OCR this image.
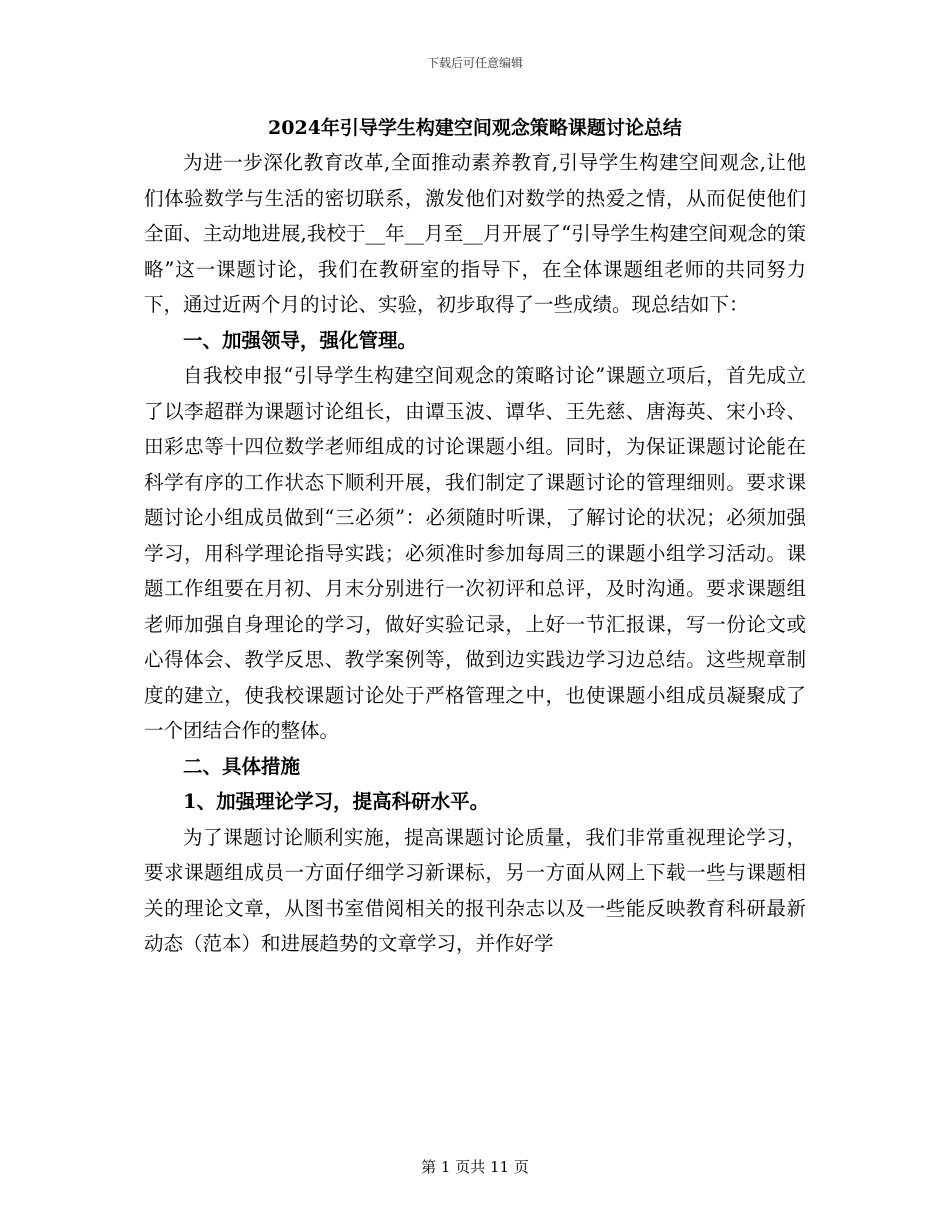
下载后可任意编辑
2024年引导学生构建空间观念策略课题讨论总结

为进一步深化教育改革,全面推动素养教育,引导学生构建空间观念,让他们体验数学与生活的密切联系，激发他们对数学的热爱之情，从而促使他们全面、主动地进展,我校于__年__月至__月开展了“引导学生构建空间观念的策略”这一课题讨论，我们在教研室的指导下，在全体课题组老师的共同努力下，通过近两个月的讨论、实验，初步取得了一些成绩。现总结如下：

一、加强领导，强化管理。

自我校申报“引导学生构建空间观念的策略讨论”课题立项后，首先成立了以李超群为课题讨论组长，由谭玉波、谭华、王先慈、唐海英、宋小玲、田彩忠等十四位数学老师组成的讨论课题小组。同时，为保证课题讨论能在科学有序的工作状态下顺利开展，我们制定了课题讨论的管理细则。要求课题讨论小组成员做到“三必须”：必须随时听课，了解讨论的状况；必须加强学习，用科学理论指导实践；必须准时参加每周三的课题小组学习活动。课题工作组要在月初、月末分别进行一次初评和总评，及时沟通。要求课题组老师加强自身理论的学习，做好实验记录，上好一节汇报课，写一份论文或心得体会、教学反思、教学案例等，做到边实践边学习边总结。这些规章制度的建立，使我校课题讨论处于严格管理之中，也使课题小组成员凝聚成了一个团结合作的整体。

二、具体措施

1、加强理论学习，提高科研水平。

为了课题讨论顺利实施，提高课题讨论质量，我们非常重视理论学习，要求课题组成员一方面仔细学习新课标，另一方面从网上下载一些与课题相关的理论文章，从图书室借阅相关的报刊杂志以及一些能反映教育科研最新动态（范本）和进展趋势的文章学习，并作好学

第 1 页共 11 页
